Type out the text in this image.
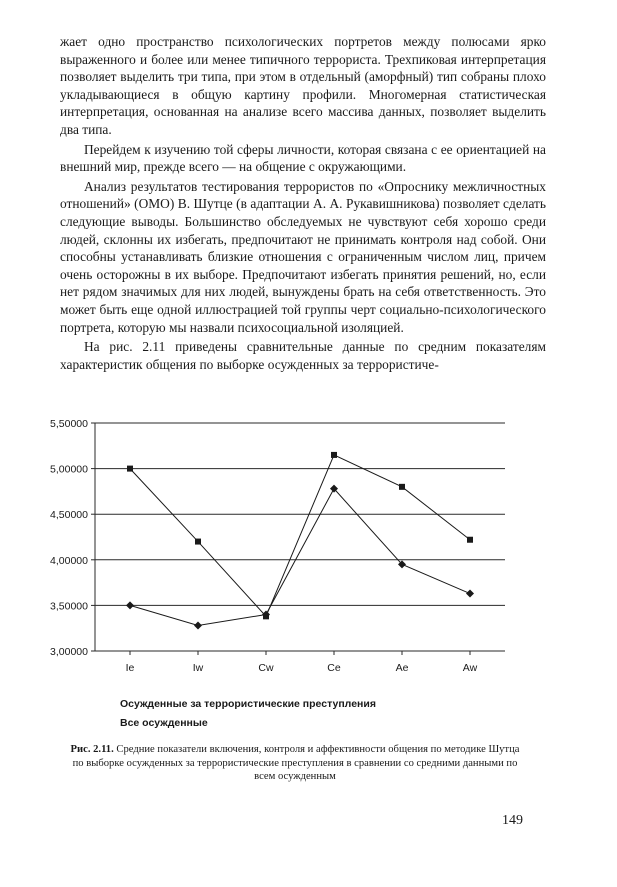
жает одно пространство психологических портретов между полюсами ярко выраженного и более или менее типичного террориста. Трехпиковая интерпретация позволяет выделить три типа, при этом в отдельный (аморфный) тип собраны плохо укладывающиеся в общую картину профили. Многомерная статистическая интерпретация, основанная на анализе всего массива данных, позволяет выделить два типа.

Перейдем к изучению той сферы личности, которая связана с ее ориентацией на внешний мир, прежде всего — на общение с окружающими.

Анализ результатов тестирования террористов по «Опроснику межличностных отношений» (ОМО) В. Шутце (в адаптации А. А. Рукавишникова) позволяет сделать следующие выводы. Большинство обследуемых не чувствуют себя хорошо среди людей, склонны их избегать, предпочитают не принимать контроля над собой. Они способны устанавливать близкие отношения с ограниченным числом лиц, причем очень осторожны в их выборе. Предпочитают избегать принятия решений, но, если нет рядом значимых для них людей, вынуждены брать на себя ответственность. Это может быть еще одной иллюстрацией той группы черт социально-психологического портрета, которую мы назвали психосоциальной изоляцией.

На рис. 2.11 приведены сравнительные данные по средним показателям характеристик общения по выборке осужденных за террористиче-

3,00000
3,50000
4,00000
4,50000
5,00000
5,50000
Ie	Iw	Cw	Ce	Ae	Aw
Осужденные за террористические преступления
Все осужденные
Рис. 2.11. Средние показатели включения, контроля и аффективности общения по методике Шутца по выборке осужденных за террористические преступления в сравнении со средними данными по всем осужденным
149
